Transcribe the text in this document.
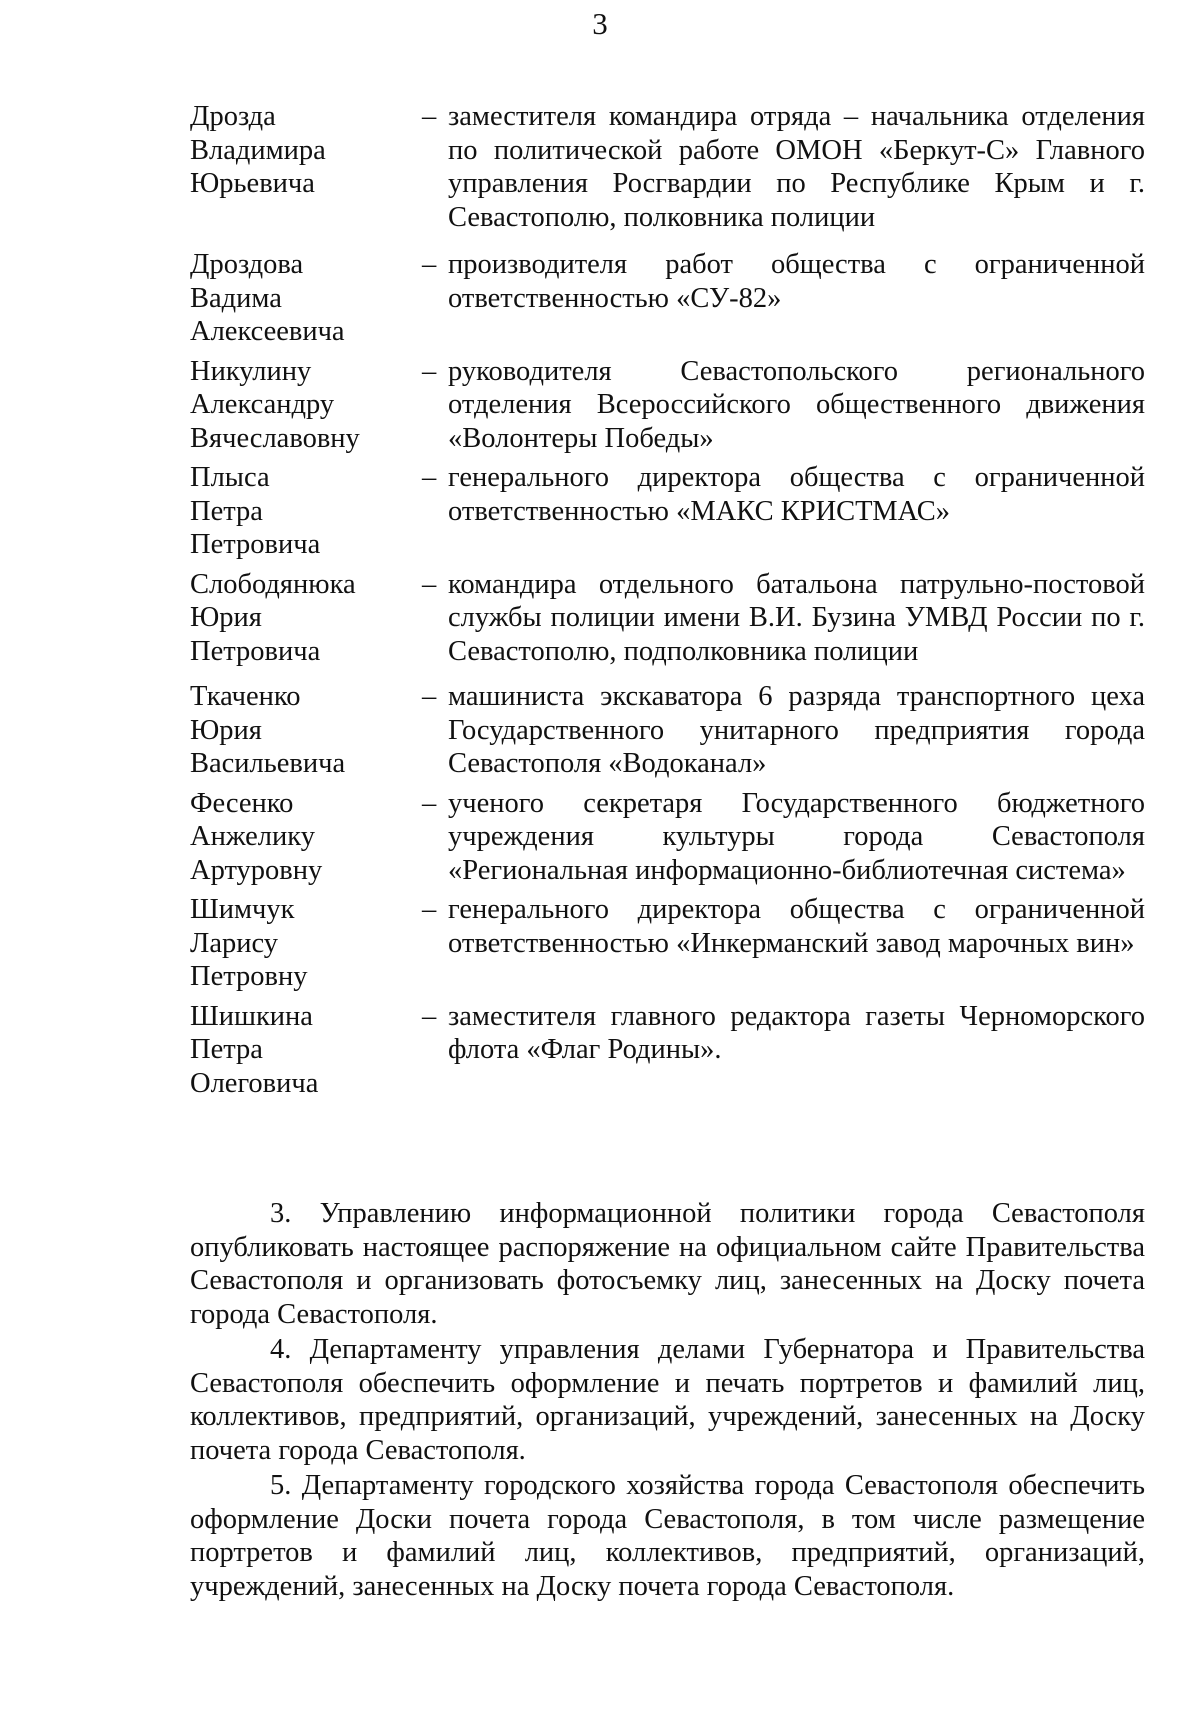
3
Дрозда
Владимира
Юрьевича
– заместителя командира отряда – начальника отделения по политической работе ОМОН «Беркут-С» Главного управления Росгвардии по Республике Крым и г. Севастополю, полковника полиции
Дроздова
Вадима
Алексеевича
– производителя работ общества с ограниченной ответственностью «СУ-82»
Никулину
Александру
Вячеславовну
– руководителя Севастопольского регионального отделения Всероссийского общественного движения «Волонтеры Победы»
Плыса
Петра
Петровича
– генерального директора общества с ограниченной ответственностью «МАКС КРИСТМАС»
Слободянюка
Юрия
Петровича
– командира отдельного батальона патрульно-постовой службы полиции имени В.И. Бузина УМВД России по г. Севастополю, подполковника полиции
Ткаченко
Юрия
Васильевича
– машиниста экскаватора 6 разряда транспортного цеха Государственного унитарного предприятия города Севастополя «Водоканал»
Фесенко
Анжелику
Артуровну
– ученого секретаря Государственного бюджетного учреждения культуры города Севастополя «Региональная информационно-библиотечная система»
Шимчук
Ларису
Петровну
– генерального директора общества с ограниченной ответственностью «Инкерманский завод марочных вин»
Шишкина
Петра
Олеговича
– заместителя главного редактора газеты Черноморского флота «Флаг Родины».

3. Управлению информационной политики города Севастополя опубликовать настоящее распоряжение на официальном сайте Правительства Севастополя и организовать фотосъемку лиц, занесенных на Доску почета города Севастополя.

4. Департаменту управления делами Губернатора и Правительства Севастополя обеспечить оформление и печать портретов и фамилий лиц, коллективов, предприятий, организаций, учреждений, занесенных на Доску почета города Севастополя.

5. Департаменту городского хозяйства города Севастополя обеспечить оформление Доски почета города Севастополя, в том числе размещение портретов и фамилий лиц, коллективов, предприятий, организаций, учреждений, занесенных на Доску почета города Севастополя.
